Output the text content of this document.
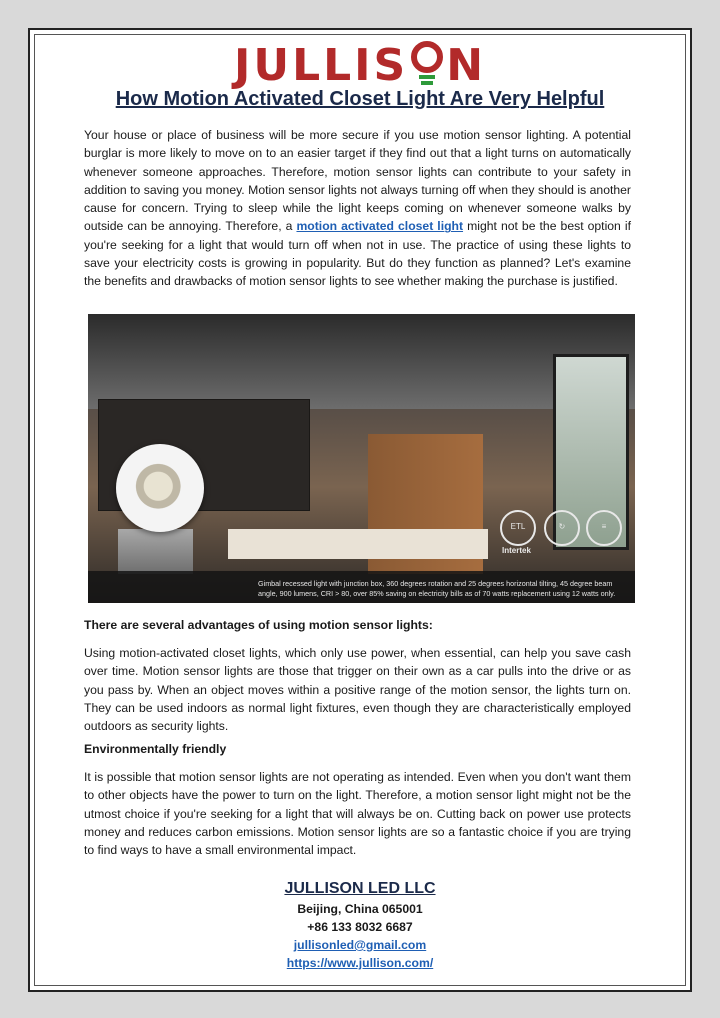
JULLIS N
How Motion Activated Closet Light Are Very Helpful
Your house or place of business will be more secure if you use motion sensor lighting. A potential burglar is more likely to move on to an easier target if they find out that a light turns on automatically whenever someone approaches. Therefore, motion sensor lights can contribute to your safety in addition to saving you money. Motion sensor lights not always turning off when they should is another cause for concern. Trying to sleep while the light keeps coming on whenever someone walks by outside can be annoying. Therefore, a motion activated closet light might not be the best option if you're seeking for a light that would turn off when not in use. The practice of using these lights to save your electricity costs is growing in popularity. But do they function as planned? Let's examine the benefits and drawbacks of motion sensor lights to see whether making the purchase is justified.
ETL	↻	≡
Intertek
Gimbal recessed light with junction box, 360 degrees rotation and 25 degrees horizontal tilting, 45 degree beam angle, 900 lumens, CRI > 80, over 85% saving on electricity bills as of 70 watts replacement using 12 watts only.
There are several advantages of using motion sensor lights:
Using motion-activated closet lights, which only use power, when essential, can help you save cash over time. Motion sensor lights are those that trigger on their own as a car pulls into the drive or as you pass by. When an object moves within a positive range of the motion sensor, the lights turn on. They can be used indoors as normal light fixtures, even though they are characteristically employed outdoors as security lights.
Environmentally friendly
It is possible that motion sensor lights are not operating as intended. Even when you don't want them to other objects have the power to turn on the light. Therefore, a motion sensor light might not be the utmost choice if you're seeking for a light that will always be on. Cutting back on power use protects money and reduces carbon emissions. Motion sensor lights are so a fantastic choice if you are trying to find ways to have a small environmental impact.
JULLISON LED LLC
Beijing, China 065001
+86 133 8032 6687
jullisonled@gmail.com
https://www.jullison.com/
